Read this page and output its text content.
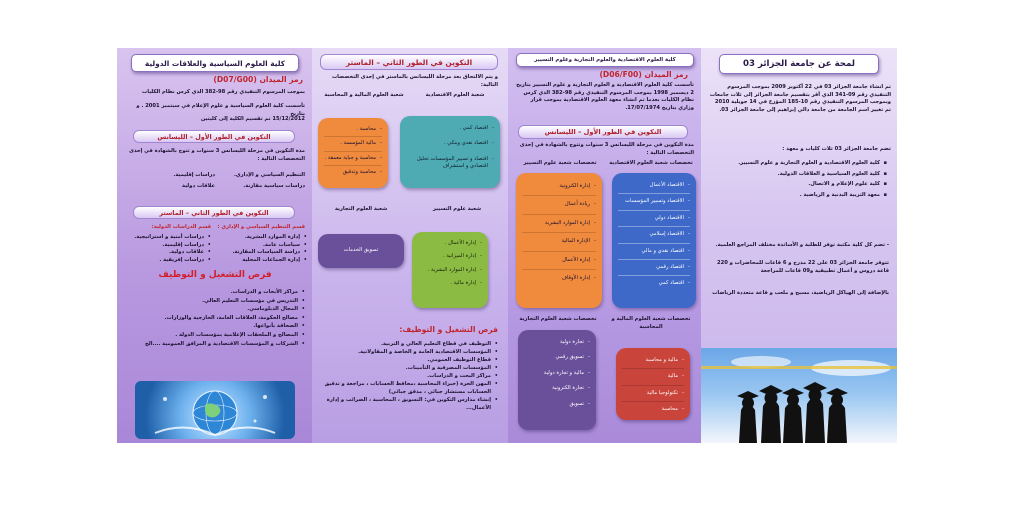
لمحة عن جامعة الجزائر 03
تم انشاء جامعة الجزائر 03 في 22 أكتوبر 2009 بموجب المرسوم التنفيذي رقم 09-341 الذي أقر بتقسيم جامعة الجزائر إلى ثلاث جامعات وبموجب المرسوم التنفيذي رقم 10-185 المؤرخ في 14 جويلية 2010 تم تغيير اسم الجامعة من جامعة دالي إبراهيم إلى جامعة الجزائر 03.
تضم جامعة الجزائر 03 ثلاث كليات و معهد :
▪ كلية العلوم الاقتصادية و العلوم التجارية و علوم التسيير.
▪ كلية العلوم السياسية و العلاقات الدولية.
▪ كلية علوم الإعلام و الاتصال.
▪ معهد التربية البدنية و الرياضية .
- تضم كل كلية مكتبة توفر للطلبة و الأساتذة مختلف المراجع العلمية.
تتوفر جامعة الجزائر 03 على 22 مدرج و 6 قاعات للمحاضرات و 220 قاعة دروس و أعمال تطبيقية و09 قاعات للمراجعة
بالإضافة إلى الهياكل الرياضية، مسبح و ملعب و قاعة متعددة الرياضات
كلية العلوم الاقتصادية والعلوم التجارية وعلوم التسيير
رمز الميدان (D06/F00)
تأسست كلية العلوم الاقتصادية و العلوم التجارية و علوم التسيير بتاريخ 2 ديسمبر 1998 بموجب المرسوم التنفيذي رقم 98-382 الذي كرس نظام الكليات بعدما تم انشاء معهد العلوم الاقتصادية بموجب قرار وزاري بتاريخ 17/07/1974.
التكوين في الطور الأول – الليسانس
مدة التكوين في مرحلة الليسانس 3 سنوات وتتوج بالشهادة في إحدى التخصصات التالية :
تخصصات شعبة العلوم الاقتصادية
تخصصات شعبة علوم التسيير
- الاقتصاد الأعمال
- الاقتصاد وتسيير المؤسسات
- الاقتصاد دولي
- الاقتصاد إسلامي
- اقتصاد نقدي و مالي
- اقتصاد رقمي
- اقتصاد كمي
- إدارة الكترونية
- ريادة أعمال
- إدارة الموارد البشرية
- الإدارة المالية
- إدارة الأعمال
- إدارة الأوقاف
تخصصات شعبة العلوم المالية و المحاسبة
تخصصات شعبة العلوم التجارية
- مالية و محاسبة
- مالية
- تكنولوجيا مالية
- محاسبة
- تجارة دولية
- تسويق رقمي
- مالية و تجارة دولية
- تجارة الكترونية
- تسويق
التكوين في الطور الثاني – الماستر
و يتم الالتحاق بعد مرحلة الليسانس بالماستر في إحدى التخصصات التالية:
شعبة العلوم الاقتصادية
شعبة العلوم المالية و المحاسبة
- اقتصاد كمي .
- اقتصاد نقدي وبنكي .
- اقتصاد و تسيير المؤسسات تحليل اقتصادي و استشراف
- محاسبة .
- مالية المؤسسة .
- محاسبة و جباية معمقة .
- محاسبة وتدقيق
شعبة علوم التسيير
شعبة العلوم التجارية
- إدارة الأعمال .
- إدارة الميزانية .
- إدارة الموارد البشرية .
- إدارة مالية .
تسويق الخدمات
فرص التشغيل و التوظيف:
• التوظيف في قطاع التعليم العالي و التربية.
• المؤسسات الاقتصادية العامة و الخاصة و المقاولاتية.
• قطاع التوظيف العمومي.
• المؤسسات المصرفية و التأمينات.
• مراكز البحث و الدراسات.
• المهن الحرة (خبراء المحاسبة ،محافظ الحسابات ، مراجعة و تدقيق الحسابات مستشار جبائي ، مدقق جبائي)
• إنشاء مدارس التكوين في: التسويق ، المحاسبة ، الضرائب و إدارة الأعمال...
كلية العلوم السياسية والعلاقات الدولية
رمز الميدان (D07/G00)
بموجب المرسوم التنفيذي رقم 98-382 الذي كرس نظام الكليات
تأسست كلية العلوم السياسية و علوم الإعلام في سبتمبر 2001 . و بتاريخ
15/12/2012 تم تقسيم الكلية إلى كليتين
التكوين في الطور الأول – الليسانس
مدة التكوين في مرحلة الليسانس 3 سنوات و تتوج بالشهادة في إحدى التخصصات التالية :
التنظيم السياسي و الإداري.
دراسات إقليمية.
دراسات سياسية مقارنة.
علاقات دولية
التكوين في الطور الثاني – الماستر
قسم التنظيم السياسي و الإداري :
قسم الدراسات الدولية:
• إدارة الموارد البشرية.
• سياسات عامة.
• دراسة السياسات المقارنة.
• إدارة الجماعات المحلية
• دراسات أمنية و استراتيجية.
• دراسات إقليمية.
• علاقات دولية.
• دراسات إفريقية .
فرص التشغيل و التوظيف
• مراكز الأبحاث و الدراسات.
• التدريس في مؤسسات التعليم العالي.
• المجال الدبلوماسي.
• مصالح الحكومة، العلاقات العامة، الخارجية والوزارات.
• الصحافة بأنواعها.
• المصالح و الملحقات الإعلامية بمؤسسات الدولة .
• الشركات و المؤسسات الاقتصادية و المرافق العمومية ....الخ
